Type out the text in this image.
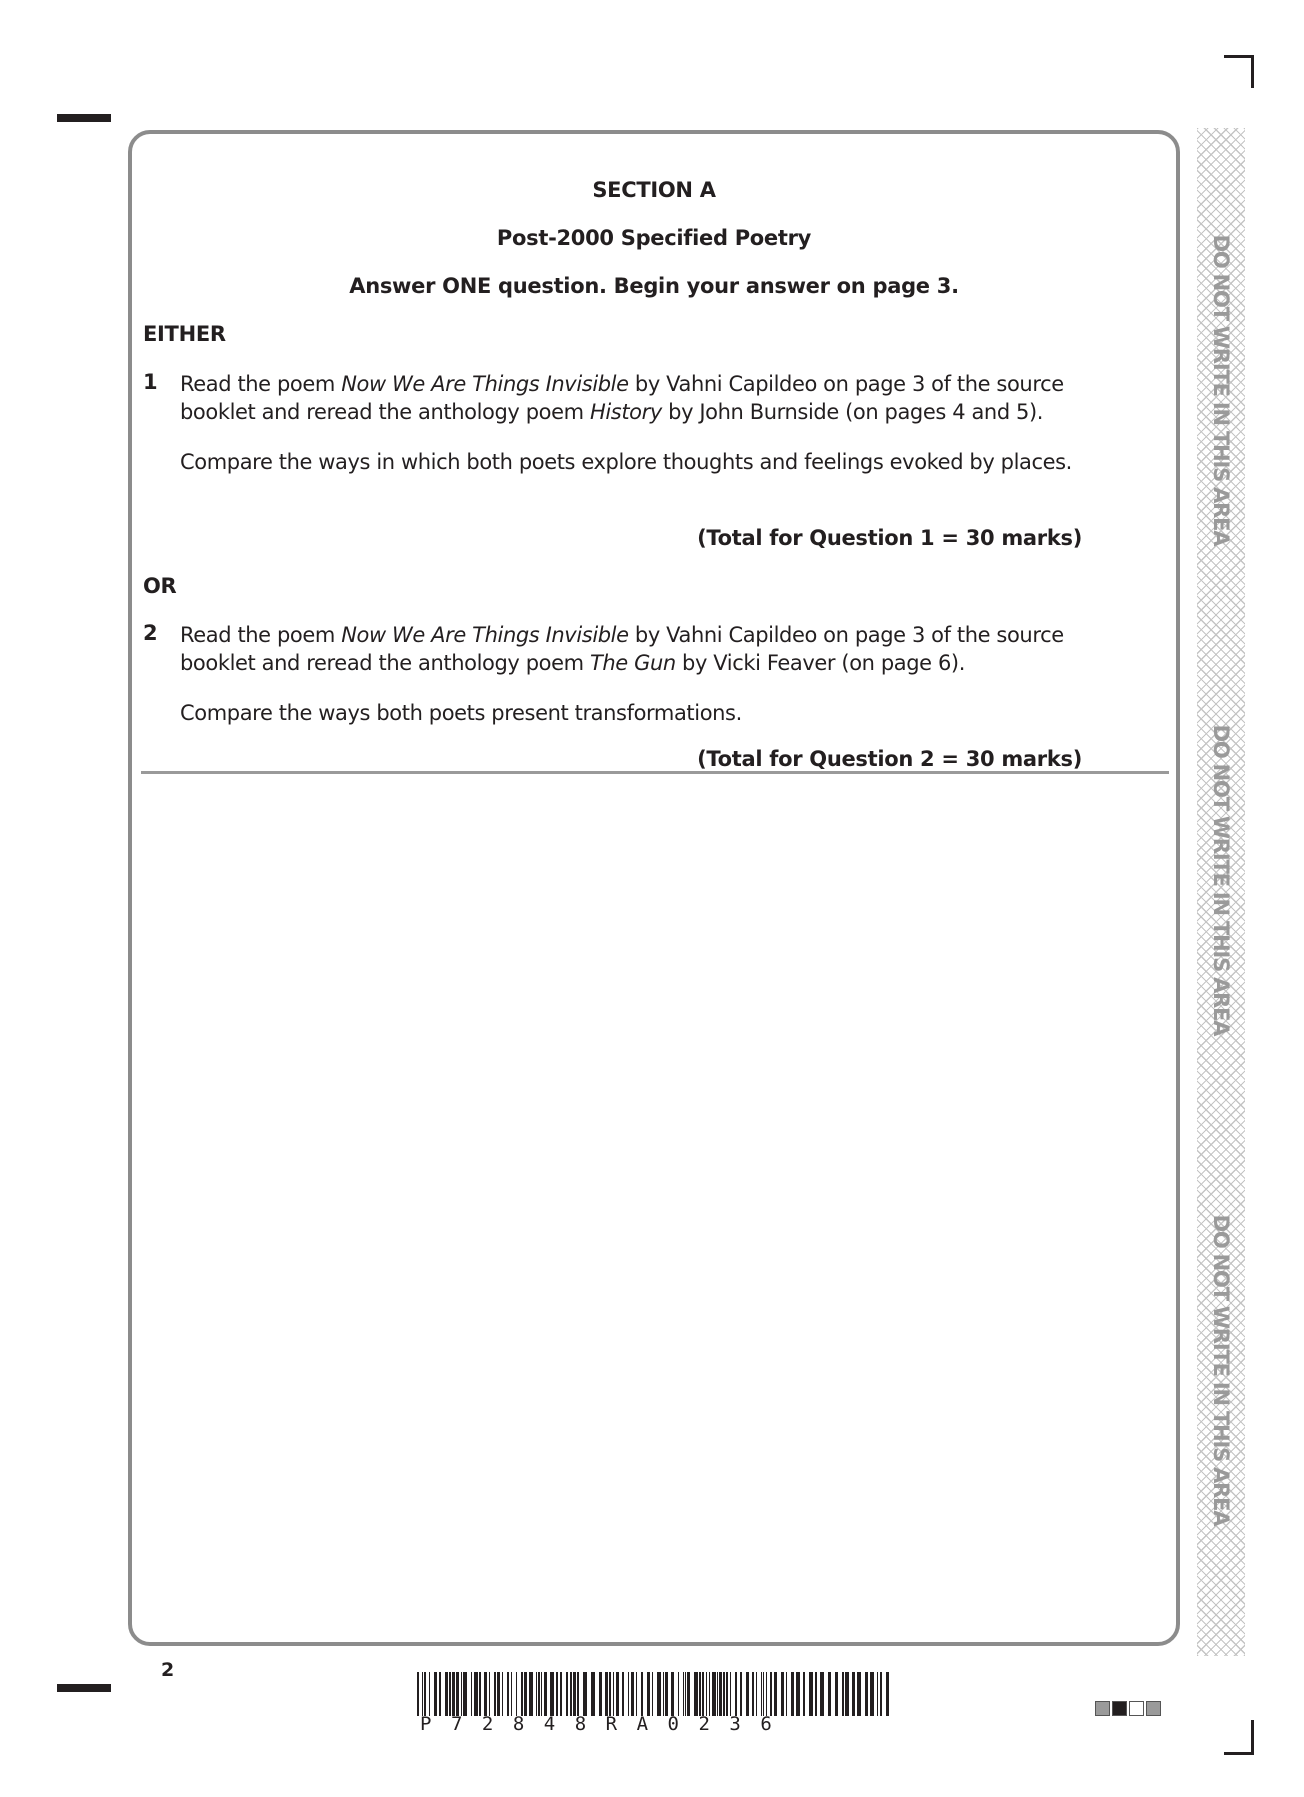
DO NOT WRITE IN THIS AREA
DO NOT WRITE IN THIS AREA
DO NOT WRITE IN THIS AREA
SECTION A
Post-2000 Specified Poetry
Answer ONE question. Begin your answer on page 3.
EITHER
1 Read the poem Now We Are Things Invisible by Vahni Capildeo on page 3 of the source booklet and reread the anthology poem History by John Burnside (on pages 4 and 5).
Compare the ways in which both poets explore thoughts and feelings evoked by places.
(Total for Question 1 = 30 marks)
OR
2 Read the poem Now We Are Things Invisible by Vahni Capildeo on page 3 of the source booklet and reread the anthology poem The Gun by Vicki Feaver (on page 6).
Compare the ways both poets present transformations.
(Total for Question 2 = 30 marks)
2
P72848RA0236
